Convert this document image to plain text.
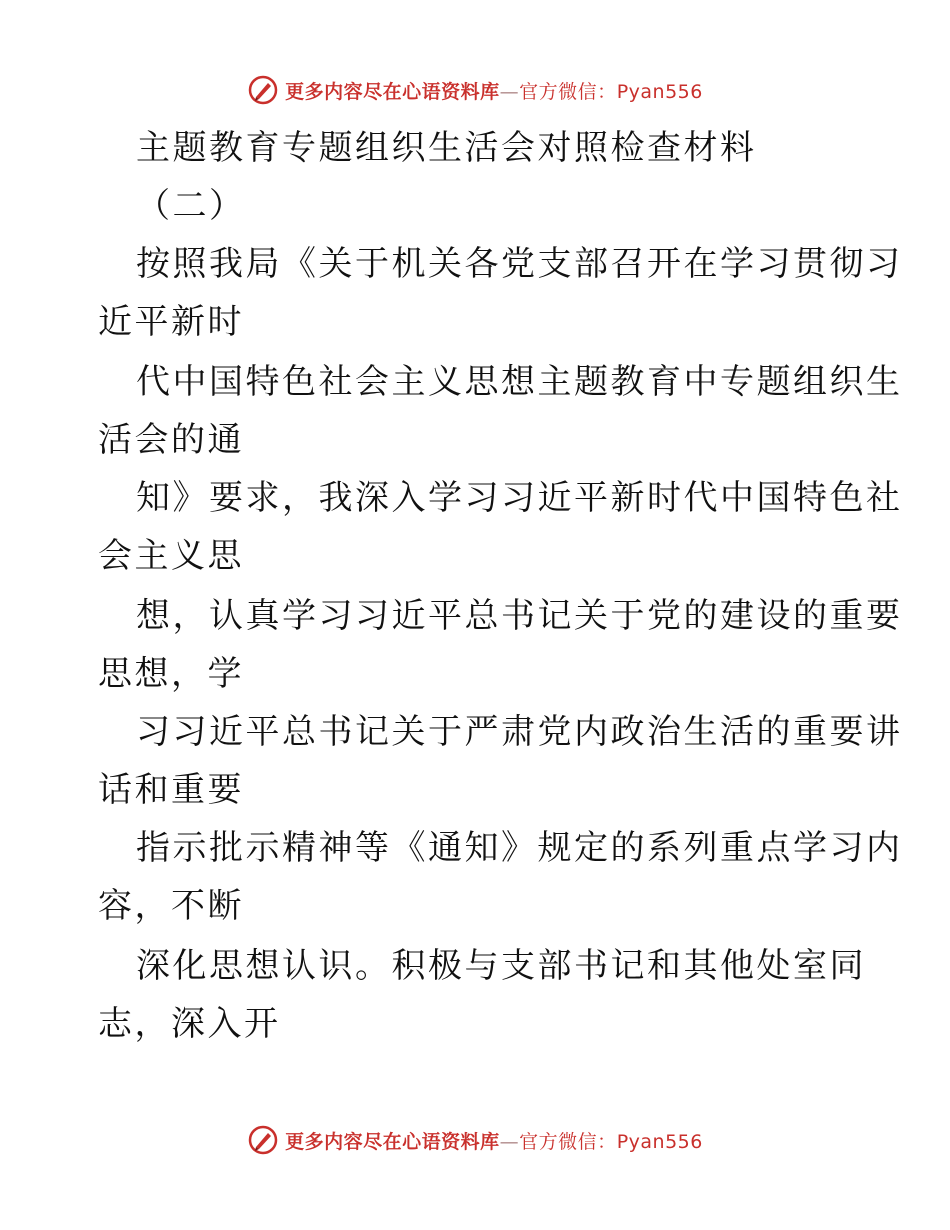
更多内容尽在心语资料库—官方微信：Pyan556
主题教育专题组织生活会对照检查材料
（二）
按照我局《关于机关各党支部召开在学习贯彻习
近平新时
代中国特色社会主义思想主题教育中专题组织生
活会的通
知》要求，我深入学习习近平新时代中国特色社
会主义思
想，认真学习习近平总书记关于党的建设的重要
思想，学
习习近平总书记关于严肃党内政治生活的重要讲
话和重要
指示批示精神等《通知》规定的系列重点学习内
容，不断
深化思想认识。积极与支部书记和其他处室同
志，深入开
更多内容尽在心语资料库—官方微信：Pyan556
